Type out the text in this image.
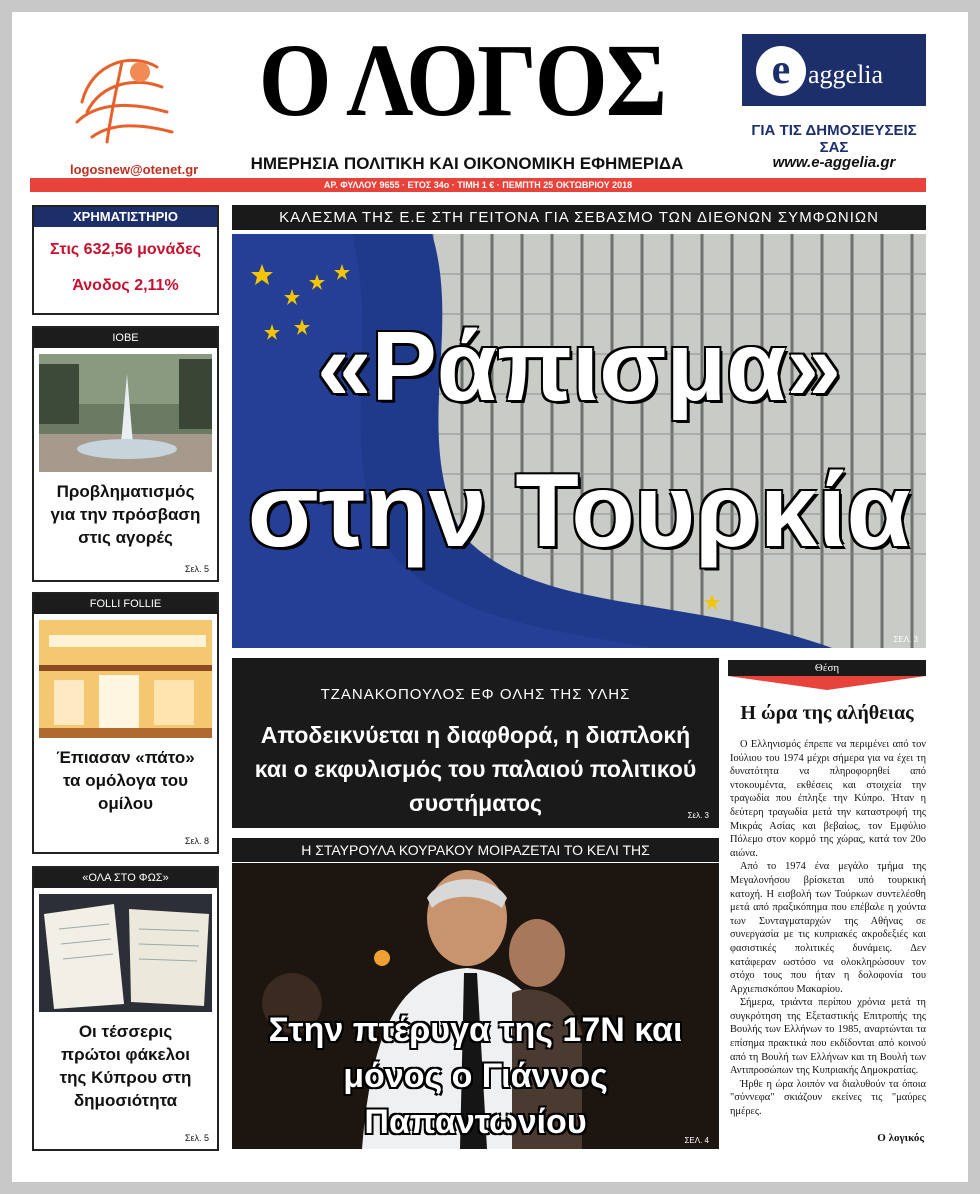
logosnew@otenet.gr
Ο ΛΟΓΟΣ
ΗΜΕΡΗΣΙΑ ΠΟΛΙΤΙΚΗ ΚΑΙ ΟΙΚΟΝΟΜΙΚΗ ΕΦΗΜΕΡΙΔΑ
e aggelia
ΓΙΑ ΤΙΣ ΔΗΜΟΣΙΕΥΣΕΙΣ ΣΑΣ
www.e-aggelia.gr
ΑΡ. ΦΥΛΛΟΥ 9655 · ΕΤΟΣ 34ο · ΤΙΜΗ 1 € · ΠΕΜΠΤΗ 25 ΟΚΤΩΒΡΙΟΥ 2018
ΧΡΗΜΑΤΙΣΤΗΡΙΟ
Στις 632,56 μονάδες
Άνοδος 2,11%
ΙΟΒΕ
Προβληματισμός για την πρόσβαση στις αγορές
Σελ. 5
FOLLI FOLLIE
Έπιασαν «πάτο» τα ομόλογα του ομίλου
Σελ. 8
«ΟΛΑ ΣΤΟ ΦΩΣ»
Οι τέσσερις πρώτοι φάκελοι της Κύπρου στη δημοσιότητα
Σελ. 5
ΚΑΛΕΣΜΑ ΤΗΣ Ε.Ε ΣΤΗ ΓΕΙΤΟΝΑ ΓΙΑ ΣΕΒΑΣΜΟ ΤΩΝ ΔΙΕΘΝΩΝ ΣΥΜΦΩΝΙΩΝ
«Ράπισμα»
στην Τουρκία
ΣΕΛ. 3
ΤΖΑΝΑΚΟΠΟΥΛΟΣ ΕΦ ΟΛΗΣ ΤΗΣ ΥΛΗΣ
Αποδεικνύεται η διαφθορά, η διαπλοκή και ο εκφυλισμός του παλαιού πολιτικού συστήματος	Σελ. 3
Η ΣΤΑΥΡΟΥΛΑ ΚΟΥΡΑΚΟΥ ΜΟΙΡΑΖΕΤΑΙ ΤΟ ΚΕΛΙ ΤΗΣ
Στην πτέρυγα της 17Ν και μόνος ο Γιάννος Παπαντωνίου	ΣΕΛ. 4
Θέση
Η ώρα της αλήθειας

Ο Ελληνισμός έπρεπε να περιμένει από τον Ιούλιου του 1974 μέχρι σήμερα για να έχει τη δυνατότητα να πληροφορηθεί από ντοκουμέντα, εκθέσεις και στοιχεία την τραγωδία που έπληξε την Κύπρο. Ήταν η δεύτερη τραγωδία μετά την καταστροφή της Μικράς Ασίας και βεβαίως, τον Εμφύλιο Πόλεμο στον κορμό της χώρας, κατά τον 20ο αιώνα.

Από το 1974 ένα μεγάλο τμήμα της Μεγαλονήσου βρίσκεται υπό τουρκική κατοχή. Η εισβολή των Τούρκων συντελέσθη μετά από πραξικόπημα που επέβαλε η χούντα των Συνταγματαρχών της Αθήνας σε συνεργασία με τις κυπριακές ακροδεξιές και φασιστικές πολιτικές δυνάμεις. Δεν κατάφεραν ωστόσο να ολοκληρώσουν τον στόχο τους που ήταν η δολοφονία του Αρχιεπισκόπου Μακαρίου.

Σήμερα, τριάντα περίπου χρόνια μετά τη συγκρότηση της Εξεταστικής Επιτροπής της Βουλής των Ελλήνων το 1985, αναρτώνται τα επίσημα πρακτικά που εκδίδονται από κοινού από τη Βουλή των Ελλήνων και τη Βουλή των Αντιπροσώπων της Κυπριακής Δημοκρατίας.

Ήρθε η ώρα λοιπόν να διαλυθούν τα όποια "σύννεφα" σκιάζουν εκείνες τις "μαύρες ημέρες.

Ο λογικός
